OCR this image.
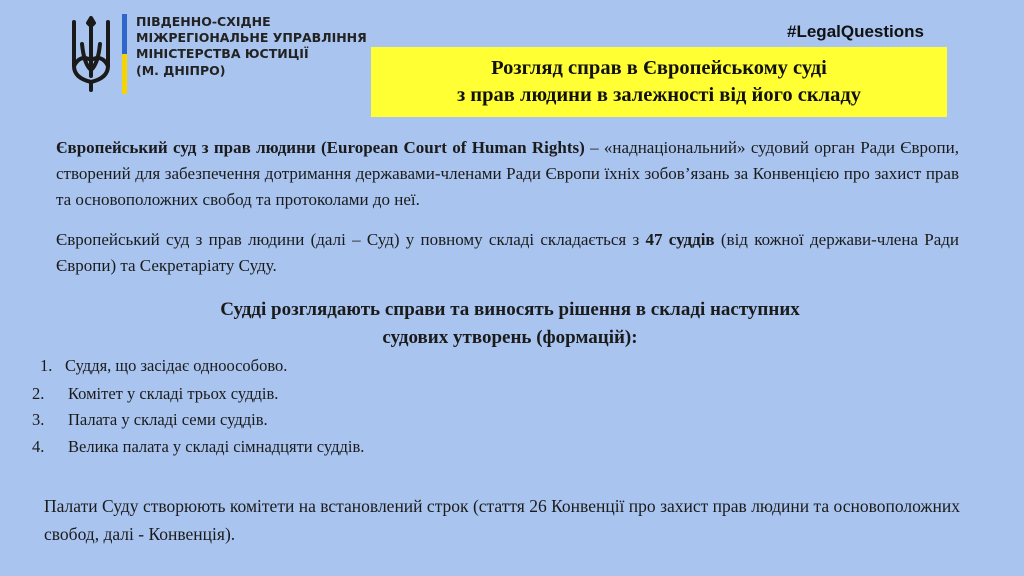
ПІВДЕННО-СХІДНЕ
МІЖРЕГІОНАЛЬНЕ УПРАВЛІННЯ
МІНІСТЕРСТВА ЮСТИЦІЇ
(М. ДНІПРО)
#LegalQuestions
Розгляд справ в Європейському суді
з прав людини в залежності від його складу

Європейський суд з прав людини (European Court of Human Rights) – «наднаціональний» судовий орган Ради Європи, створений для забезпечення дотримання державами-членами Ради Європи їхніх зобов’язань за Конвенцією про захист прав та основоположних свобод та протоколами до неї.

Європейський суд з прав людини (далі – Суд) у повному складі складається з 47 суддів (від кожної держави-члена Ради Європи) та Секретаріату Суду.

Судді розглядають справи та виносять рішення в складі наступних
судових утворень (формацій):
1. Суддя, що засідає одноособово.
2. Комітет у складі трьох суддів.
3. Палата у складі семи суддів.
4. Велика палата у складі сімнадцяти суддів.

Палати Суду створюють комітети на встановлений строк (стаття 26 Конвенції про захист прав людини та основоположних свобод, далі - Конвенція).
